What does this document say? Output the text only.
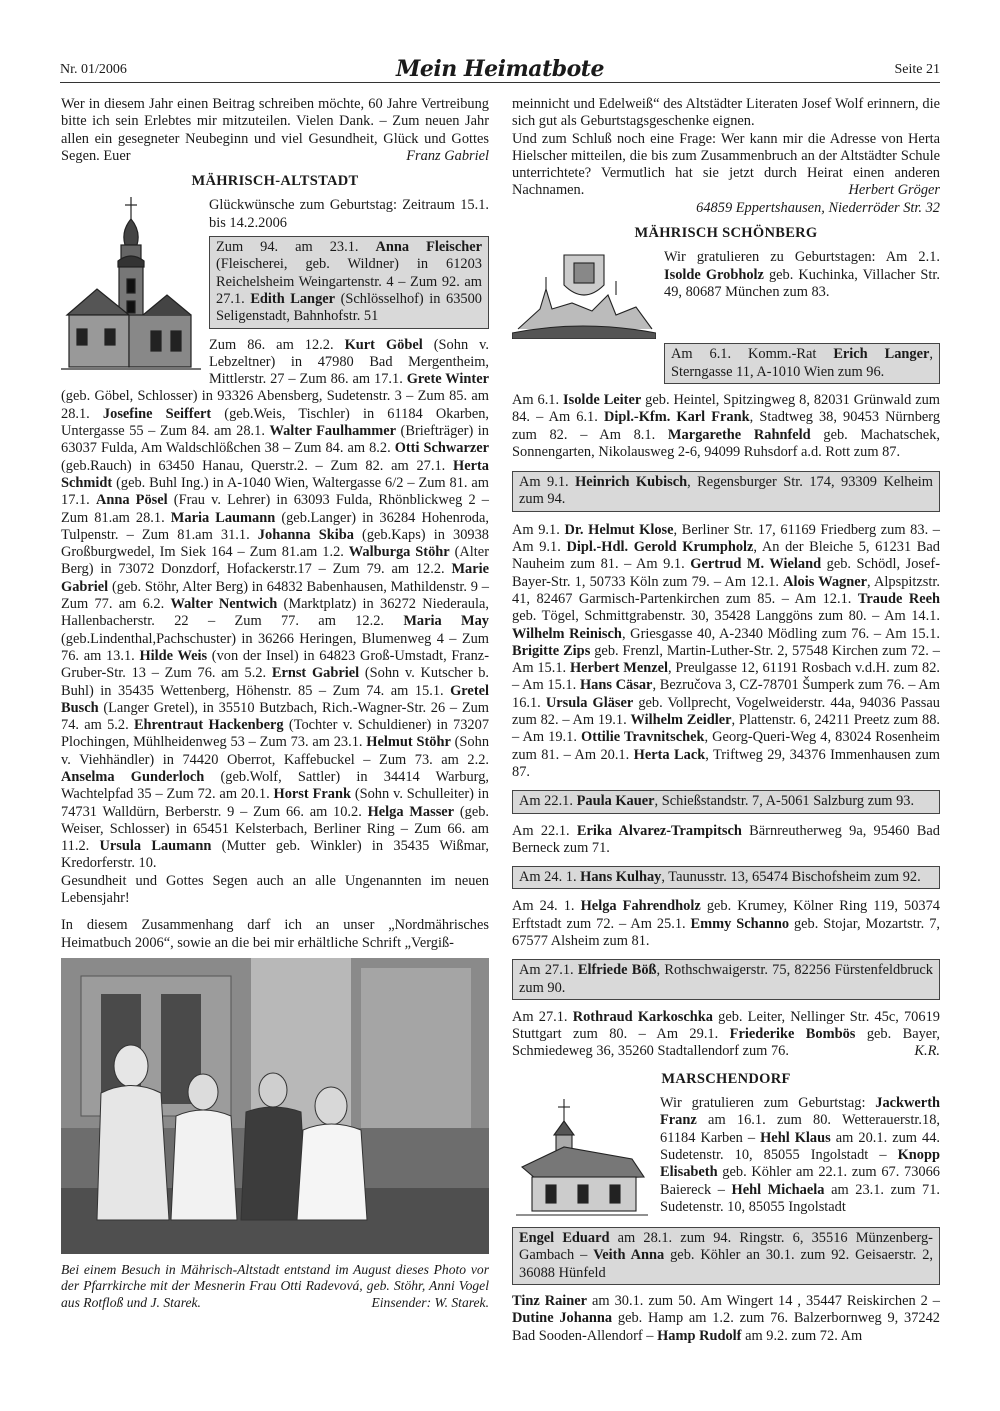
Nr. 01/2006	Mein Heimatbote	Seite 21

Wer in diesem Jahr einen Beitrag schreiben möchte, 60 Jahre Vertreibung bitte ich sein Erlebtes mir mitzuteilen. Vielen Dank. – Zum neuen Jahr allen ein gesegneter Neubeginn und viel Gesundheit, Glück und Gottes Segen. Euer	Franz Gabriel

MÄHRISCH-ALTSTADT

Glückwünsche zum Geburtstag: Zeitraum 15.1. bis 14.2.2006

Zum 94. am 23.1. Anna Fleischer (Fleischerei, geb. Wildner) in 61203 Reichelsheim Weingartenstr. 4 – Zum 92. am 27.1. Edith Langer (Schlösselhof) in 63500 Seligenstadt, Bahnhofstr. 51

Zum 86. am 12.2. Kurt Göbel (Sohn v. Lebzeltner) in 47980 Bad Mergentheim, Mittlerstr. 27 – Zum 86. am 17.1. Grete Winter (geb. Göbel, Schlosser) in 93326 Abensberg, Sudetenstr. 3 – Zum 85. am 28.1. Josefine Seiffert (geb.Weis, Tischler) in 61184 Okarben, Untergasse 55 – Zum 84. am 28.1. Walter Faulhammer (Briefträger) in 63037 Fulda, Am Waldschlößchen 38 – Zum 84. am 8.2. Otti Schwarzer (geb.Rauch) in 63450 Hanau, Querstr.2. – Zum 82. am 27.1. Herta Schmidt (geb. Buhl Ing.) in A-1040 Wien, Waltergasse 6/2 – Zum 81. am 17.1. Anna Pösel (Frau v. Lehrer) in 63093 Fulda, Rhönblickweg 2 – Zum 81.am 28.1. Maria Laumann (geb.Langer) in 36284 Hohenroda, Tulpenstr. – Zum 81.am 31.1. Johanna Skiba (geb.Kaps) in 30938 Großburgwedel, Im Siek 164 – Zum 81.am 1.2. Walburga Stöhr (Alter Berg) in 73072 Donzdorf, Hofackerstr.17 – Zum 79. am 12.2. Marie Gabriel (geb. Stöhr, Alter Berg) in 64832 Babenhausen, Mathildenstr. 9 – Zum 77. am 6.2. Walter Nentwich (Marktplatz) in 36272 Niederaula, Hallenbacherstr. 22 – Zum 77. am 12.2. Maria May (geb.Lindenthal,Pachschuster) in 36266 Heringen, Blumenweg 4 – Zum 76. am 13.1. Hilde Weis (von der Insel) in 64823 Groß-Umstadt, Franz-Gruber-Str. 13 – Zum 76. am 5.2. Ernst Gabriel (Sohn v. Kutscher b. Buhl) in 35435 Wettenberg, Höhenstr. 85 – Zum 74. am 15.1. Gretel Busch (Langer Gretel), in 35510 Butzbach, Rich.-Wagner-Str. 26 – Zum 74. am 5.2. Ehrentraut Hackenberg (Tochter v. Schuldiener) in 73207 Plochingen, Mühlheidenweg 53 – Zum 73. am 23.1. Helmut Stöhr (Sohn v. Viehhändler) in 74420 Oberrot, Kaffebuckel – Zum 73. am 2.2. Anselma Gunderloch (geb.Wolf, Sattler) in 34414 Warburg, Wachtelpfad 35 – Zum 72. am 20.1. Horst Frank (Sohn v. Schulleiter) in 74731 Walldürn, Berberstr. 9 – Zum 66. am 10.2. Helga Masser (geb. Weiser, Schlosser) in 65451 Kelsterbach, Berliner Ring – Zum 66. am 11.2. Ursula Laumann (Mutter geb. Winkler) in 35435 Wißmar, Kredorferstr. 10.

Gesundheit und Gottes Segen auch an alle Ungenannten im neuen Lebensjahr!

In diesem Zusammenhang darf ich an unser „Nordmährisches Heimatbuch 2006“, sowie an die bei mir erhältliche Schrift „Vergiß-

Bei einem Besuch in Mährisch-Altstadt entstand im August dieses Photo vor der Pfarrkirche mit der Mesnerin Frau Otti Radevová, geb. Stöhr, Anni Vogel aus Rotfloß und J. Starek.	Einsender: W. Starek.

meinnicht und Edelweiß“ des Altstädter Literaten Josef Wolf erinnern, die sich gut als Geburtstagsgeschenke eignen.

Und zum Schluß noch eine Frage: Wer kann mir die Adresse von Herta Hielscher mitteilen, die bis zum Zusammenbruch an der Altstädter Schule unterrichtete? Vermutlich hat sie jetzt durch Heirat einen anderen Nachnamen.	Herbert Gröger

64859 Eppertshausen, Niederröder Str. 32

MÄHRISCH SCHÖNBERG

Wir gratulieren zu Geburtstagen: Am 2.1. Isolde Grobholz geb. Kuchinka, Villacher Str. 49, 80687 München zum 83.

Am 6.1. Komm.-Rat Erich Langer, Sterngasse 11, A-1010 Wien zum 96.

Am 6.1. Isolde Leiter geb. Heintel, Spitzingweg 8, 82031 Grünwald zum 84. – Am 6.1. Dipl.-Kfm. Karl Frank, Stadtweg 38, 90453 Nürnberg zum 82. – Am 8.1. Margarethe Rahnfeld geb. Machatschek, Sonnengarten, Nikolausweg 2-6, 94099 Ruhsdorf a.d. Rott zum 87.

Am 9.1. Heinrich Kubisch, Regensburger Str. 174, 93309 Kelheim zum 94.

Am 9.1. Dr. Helmut Klose, Berliner Str. 17, 61169 Friedberg zum 83. – Am 9.1. Dipl.-Hdl. Gerold Krumpholz, An der Bleiche 5, 61231 Bad Nauheim zum 81. – Am 9.1. Gertrud M. Wieland geb. Schödl, Josef-Bayer-Str. 1, 50733 Köln zum 79. – Am 12.1. Alois Wagner, Alpspitzstr. 41, 82467 Garmisch-Partenkirchen zum 85. – Am 12.1. Traude Reeh geb. Tögel, Schmittgrabenstr. 30, 35428 Langgöns zum 80. – Am 14.1. Wilhelm Reinisch, Griesgasse 40, A-2340 Mödling zum 76. – Am 15.1. Brigitte Zips geb. Frenzl, Martin-Luther-Str. 2, 57548 Kirchen zum 72. – Am 15.1. Herbert Menzel, Preulgasse 12, 61191 Rosbach v.d.H. zum 82. – Am 15.1. Hans Cäsar, Bezručova 3, CZ-78701 Šumperk zum 76. – Am 16.1. Ursula Gläser geb. Vollprecht, Vogelweiderstr. 44a, 94036 Passau zum 82. – Am 19.1. Wilhelm Zeidler, Plattenstr. 6, 24211 Preetz zum 88. – Am 19.1. Ottilie Travnitschek, Georg-Queri-Weg 4, 83024 Rosenheim zum 81. – Am 20.1. Herta Lack, Triftweg 29, 34376 Immenhausen zum 87.

Am 22.1. Paula Kauer, Schießstandstr. 7, A-5061 Salzburg zum 93.

Am 22.1. Erika Alvarez-Trampitsch Bärnreutherweg 9a, 95460 Bad Berneck zum 71.

Am 24. 1. Hans Kulhay, Taunusstr. 13, 65474 Bischofsheim zum 92.

Am 24. 1. Helga Fahrendholz geb. Krumey, Kölner Ring 119, 50374 Erftstadt zum 72. – Am 25.1. Emmy Schanno geb. Stojar, Mozartstr. 7, 67577 Alsheim zum 81.

Am 27.1. Elfriede Böß, Rothschwaigerstr. 75, 82256 Fürstenfeldbruck zum 90.

Am 27.1. Rothraud Karkoschka geb. Leiter, Nellinger Str. 45c, 70619 Stuttgart zum 80. – Am 29.1. Friederike Bombös geb. Bayer, Schmiedeweg 36, 35260 Stadtallendorf zum 76.	K.R.

MARSCHENDORF

Wir gratulieren zum Geburtstag: Jackwerth Franz am 16.1. zum 80. Wetterauerstr.18, 61184 Karben – Hehl Klaus am 20.1. zum 44. Sudetenstr. 10, 85055 Ingolstadt – Knopp Elisabeth geb. Köhler am 22.1. zum 67. 73066 Baiereck – Hehl Michaela am 23.1. zum 71. Sudetenstr. 10, 85055 Ingolstadt

Engel Eduard am 28.1. zum 94. Ringstr. 6, 35516 Münzenberg-Gambach – Veith Anna geb. Köhler an 30.1. zum 92. Geisaerstr. 2, 36088 Hünfeld

Tinz Rainer am 30.1. zum 50. Am Wingert 14 , 35447 Reiskirchen 2 – Dutine Johanna geb. Hamp am 1.2. zum 76. Balzerbornweg 9, 37242 Bad Sooden-Allendorf – Hamp Rudolf am 9.2. zum 72. Am
